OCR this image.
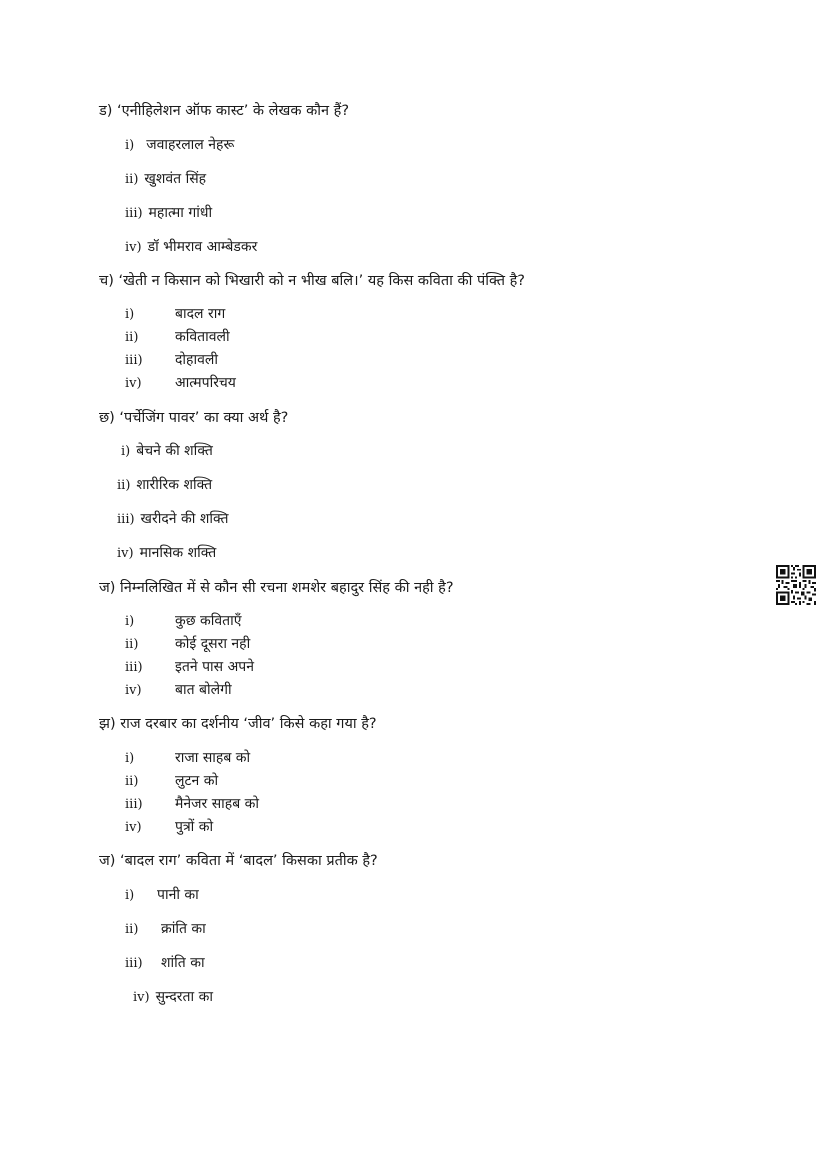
ड) ‘एनीहिलेशन ऑफ कास्ट’ के लेखक कौन हैं?
i) जवाहरलाल नेहरू
ii) खुशवंत सिंह
iii) महात्मा गांधी
iv) डॉ भीमराव आम्बेडकर
च) ‘खेती न किसान को भिखारी को न भीख बलि।’ यह किस कविता की पंक्ति है?
i)	बादल राग
ii)	कवितावली
iii) दोहावली
iv) आत्मपरिचय
छ) ‘पर्चेजिंग पावर’ का क्या अर्थ है?
i) बेचने की शक्ति
ii) शारीरिक शक्ति
iii) खरीदने की शक्ति
iv) मानसिक शक्ति
ज) निम्नलिखित में से कौन सी रचना शमशेर बहादुर सिंह की नही है?
i)	कुछ कविताएँ
ii)	कोई दूसरा नही
iii) इतने पास अपने
iv) बात बोलेगी
झ) राज दरबार का दर्शनीय ‘जीव’ किसे कहा गया है?
i)	राजा साहब को
ii)	लुटन को
iii) मैनेजर साहब को
iv) पुत्रों को
ज) ‘बादल राग’ कविता में ‘बादल’ किसका प्रतीक है?
i) पानी का
ii) क्रांति का
iii) शांति का
iv) सुन्दरता का
